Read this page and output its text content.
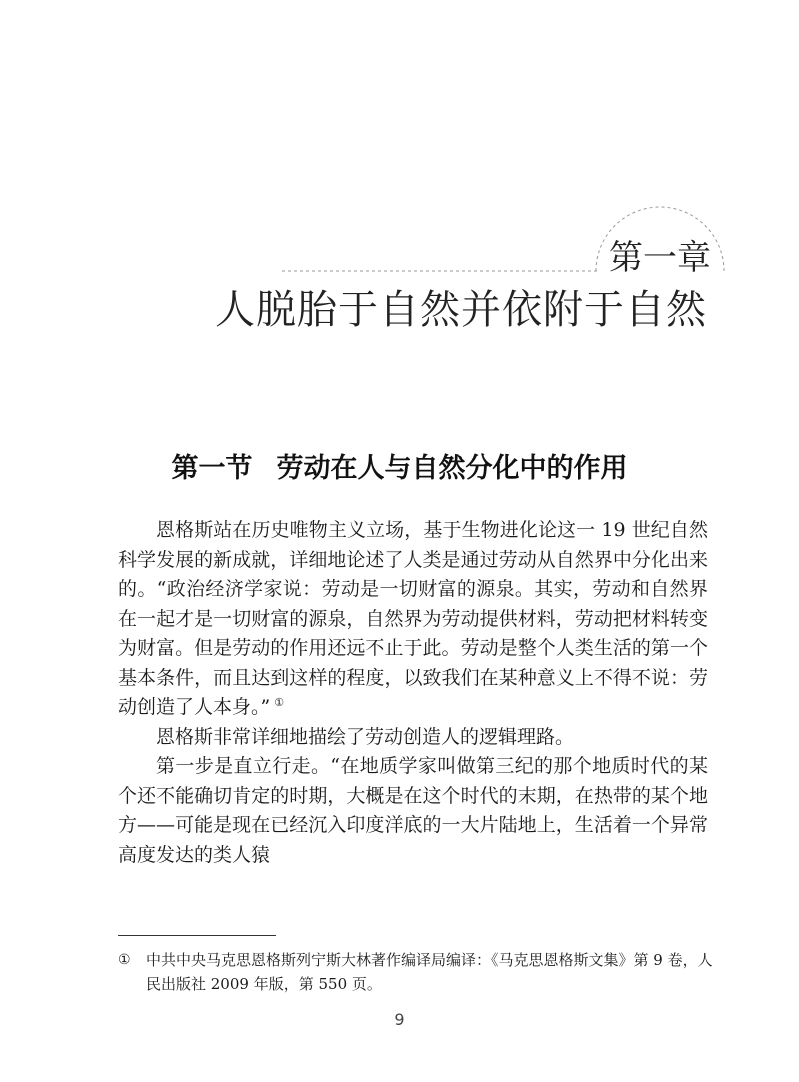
第一章
人脱胎于自然并依附于自然
第一节 劳动在人与自然分化中的作用

恩格斯站在历史唯物主义立场，基于生物进化论这一 19 世纪自然科学发展的新成就，详细地论述了人类是通过劳动从自然界中分化出来的。“政治经济学家说：劳动是一切财富的源泉。其实，劳动和自然界在一起才是一切财富的源泉，自然界为劳动提供材料，劳动把材料转变为财富。但是劳动的作用还远不止于此。劳动是整个人类生活的第一个基本条件，而且达到这样的程度，以致我们在某种意义上不得不说：劳动创造了人本身。” ①

恩格斯非常详细地描绘了劳动创造人的逻辑理路。

第一步是直立行走。“在地质学家叫做第三纪的那个地质时代的某个还不能确切肯定的时期，大概是在这个时代的末期，在热带的某个地方——可能是现在已经沉入印度洋底的一大片陆地上，生活着一个异常高度发达的类人猿

①	中共中央马克思恩格斯列宁斯大林著作编译局编译：《马克思恩格斯文集》第 9 卷，人民出版社 2009 年版，第 550 页。
9
